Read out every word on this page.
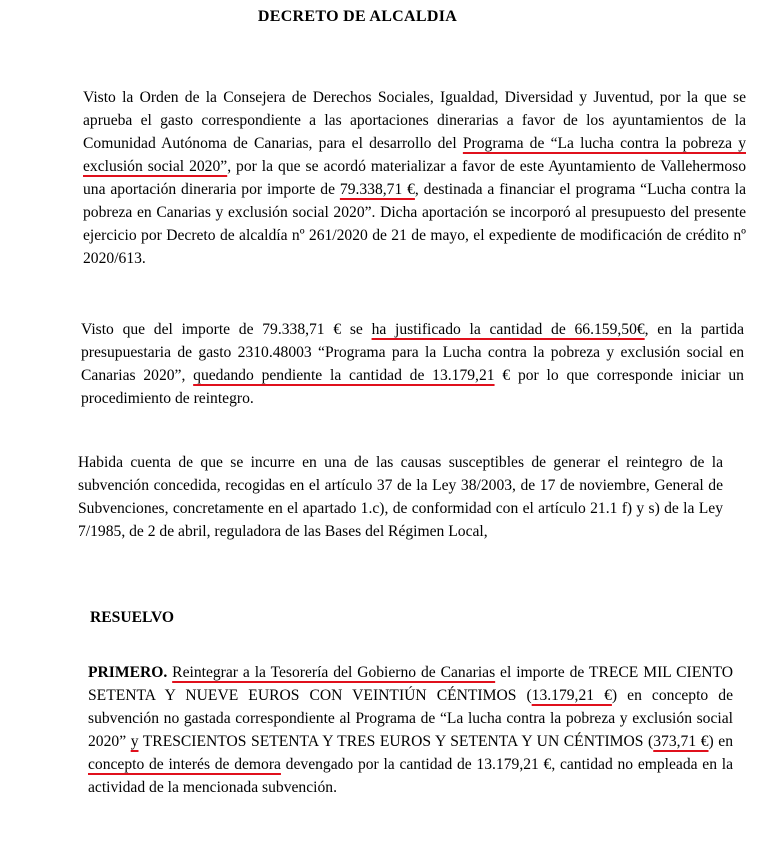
DECRETO DE ALCALDIA

Visto la Orden de la Consejera de Derechos Sociales, Igualdad, Diversidad y Juventud, por la que se aprueba el gasto correspondiente a las aportaciones dinerarias a favor de los ayuntamientos de la Comunidad Autónoma de Canarias, para el desarrollo del Programa de “La lucha contra la pobreza y exclusión social 2020”, por la que se acordó materializar a favor de este Ayuntamiento de Vallehermoso una aportación dineraria por importe de 79.338,71 €, destinada a financiar el programa “Lucha contra la pobreza en Canarias y exclusión social 2020”. Dicha aportación se incorporó al presupuesto del presente ejercicio por Decreto de alcaldía nº 261/2020 de 21 de mayo, el expediente de modificación de crédito nº 2020/613.

Visto que del importe de 79.338,71 € se ha justificado la cantidad de 66.159,50€, en la partida presupuestaria de gasto 2310.48003 “Programa para la Lucha contra la pobreza y exclusión social en Canarias 2020”, quedando pendiente la cantidad de 13.179,21 € por lo que corresponde iniciar un procedimiento de reintegro.

Habida cuenta de que se incurre en una de las causas susceptibles de generar el reintegro de la subvención concedida, recogidas en el artículo 37 de la Ley 38/2003, de 17 de noviembre, General de Subvenciones, concretamente en el apartado 1.c), de conformidad con el artículo 21.1 f) y s) de la Ley 7/1985, de 2 de abril, reguladora de las Bases del Régimen Local,

RESUELVO

PRIMERO. Reintegrar a la Tesorería del Gobierno de Canarias el importe de TRECE MIL CIENTO SETENTA Y NUEVE EUROS CON VEINTIÚN CÉNTIMOS (13.179,21 €) en concepto de subvención no gastada correspondiente al Programa de “La lucha contra la pobreza y exclusión social 2020” y TRESCIENTOS SETENTA Y TRES EUROS Y SETENTA Y UN CÉNTIMOS (373,71 €) en concepto de interés de demora devengado por la cantidad de 13.179,21 €, cantidad no empleada en la actividad de la mencionada subvención.
